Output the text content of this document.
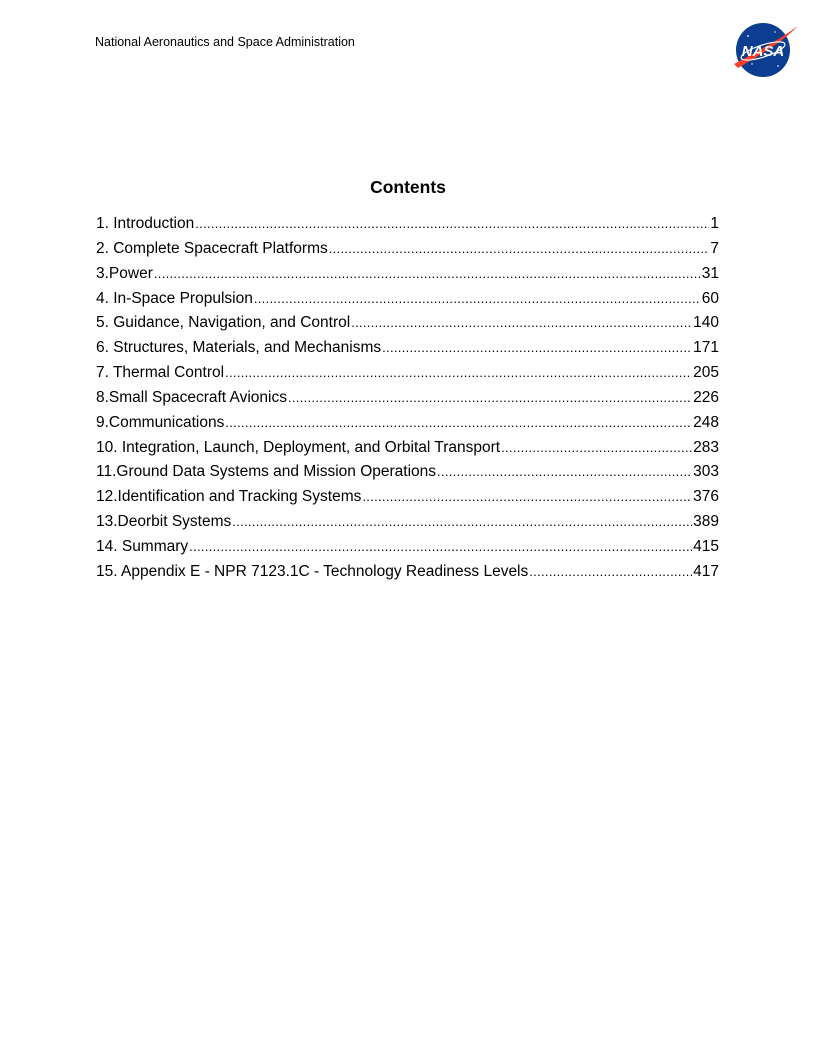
National Aeronautics and Space Administration
NASA
Contents
1. Introduction .....	1
2. Complete Spacecraft Platforms .....	7
3.Power .....	31
4. In-Space Propulsion .....	60
5. Guidance, Navigation, and Control .....	140
6. Structures, Materials, and Mechanisms .....	171
7. Thermal Control .....	205
8.Small Spacecraft Avionics .....	226
9.Communications .....	248
10. Integration, Launch, Deployment, and Orbital Transport .....	283
11.Ground Data Systems and Mission Operations .....	303
12.Identification and Tracking Systems .....	376
13.Deorbit Systems .....	389
14. Summary .....	415
15. Appendix E - NPR 7123.1C - Technology Readiness Levels .....	417
